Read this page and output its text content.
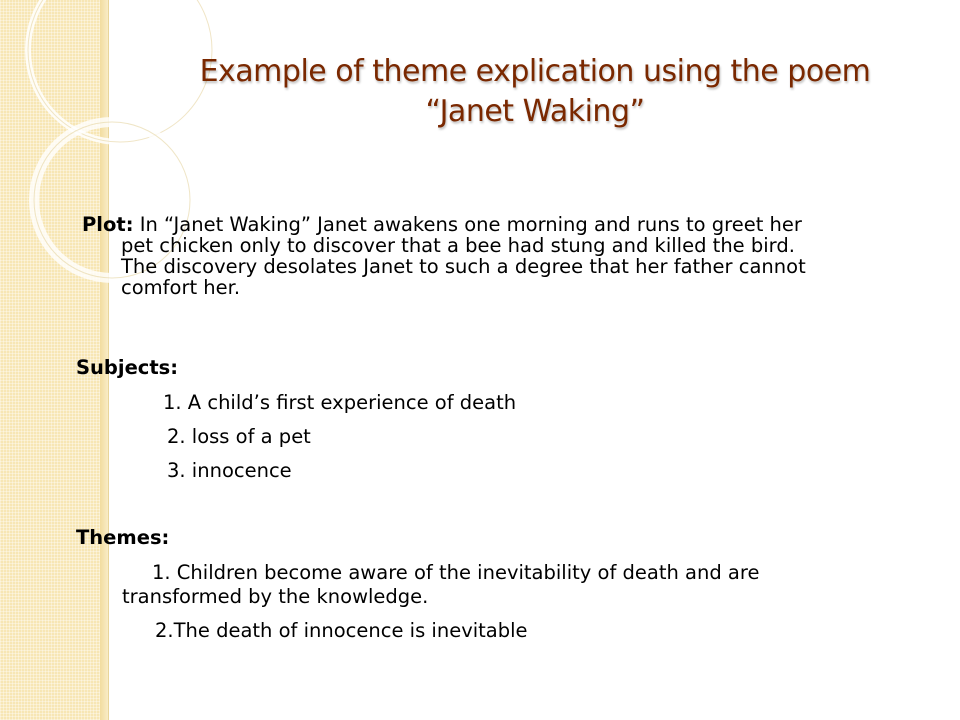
Example of theme explication using the poem
“Janet Waking”
Plot: In “Janet Waking” Janet awakens one morning and runs to greet her
pet chicken only to discover that a bee had stung and killed the bird.
The discovery desolates Janet to such a degree that her father cannot
comfort her.
Subjects:
1. A child’s first experience of death
2. loss of a pet
3. innocence
Themes:
1. Children become aware of the inevitability of death and are
transformed by the knowledge.
2.The death of innocence is inevitable
